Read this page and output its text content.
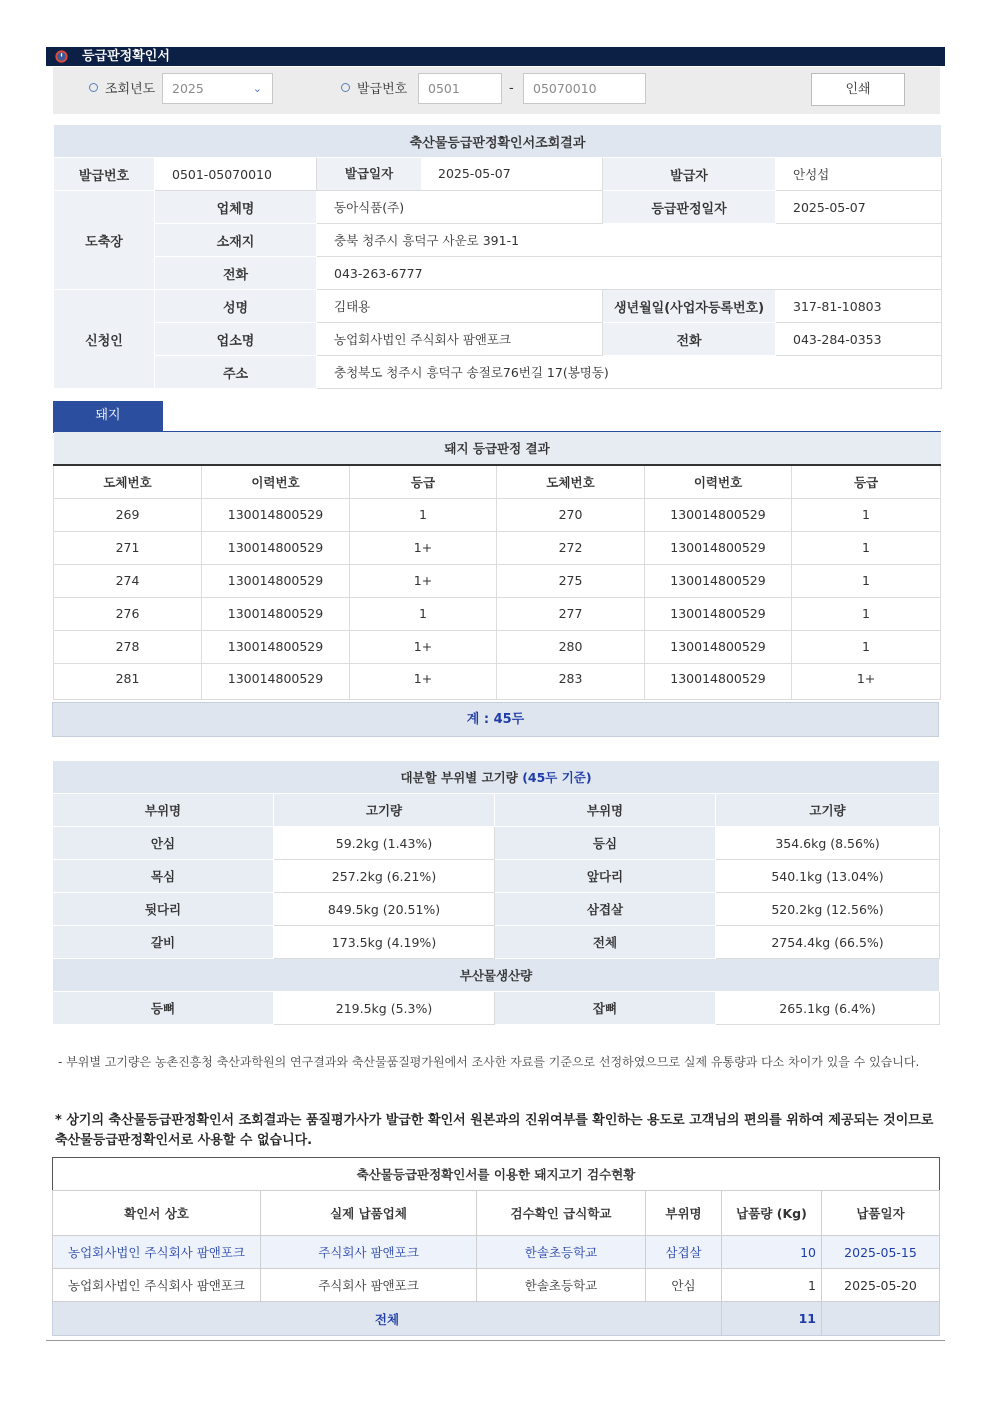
등급판정확인서
조회년도	2025	⌄	발급번호	0501	-	05070010	인쇄
축산물등급판정확인서조회결과				
발급번호	0501-05070010	발급일자 2025-05-07	발급자	안성섭
도축장	업체명	동아식품(주)	등급판정일자	2025-05-07
	소재지	충북 청주시 흥덕구 사운로 391-1		
	전화	043-263-6777		
신청인	성명	김태용	생년월일(사업자등록번호)	317-81-10803
	업소명	농업회사법인 주식회사 팜앤포크	전화	043-284-0353
	주소	충청북도 청주시 흥덕구 송절로76번길 17(봉명동)		
돼지
돼지 등급판정 결과					
도체번호	이력번호	등급	도체번호	이력번호	등급
269	130014800529	1	270	130014800529	1
271	130014800529	1+	272	130014800529	1
274	130014800529	1+	275	130014800529	1
276	130014800529	1	277	130014800529	1
278	130014800529	1+	280	130014800529	1
281	130014800529	1+	283	130014800529	1+
계 : 45두
대분할 부위별 고기량 (45두 기준)			
부위명	고기량	부위명	고기량
안심	59.2kg (1.43%)	등심	354.6kg (8.56%)
목심	257.2kg (6.21%)	앞다리	540.1kg (13.04%)
뒷다리	849.5kg (20.51%)	삼겹살	520.2kg (12.56%)
갈비	173.5kg (4.19%)	전체	2754.4kg (66.5%)
부산물생산량			
등뼈	219.5kg (5.3%)	잡뼈	265.1kg (6.4%)
- 부위별 고기량은 농촌진흥청 축산과학원의 연구결과와 축산물품질평가원에서 조사한 자료를 기준으로 선정하였으므로 실제 유통량과 다소 차이가 있을 수 있습니다.
* 상기의 축산물등급판정확인서 조회결과는 품질평가사가 발급한 확인서 원본과의 진위여부를 확인하는 용도로 고객님의 편의를 위하여 제공되는 것이므로 축산물등급판정확인서로 사용할 수 없습니다.
축산물등급판정확인서를 이용한 돼지고기 검수현황					
확인서 상호	실제 납품업체	검수확인 급식학교	부위명	납품량 (Kg)	납품일자
농업회사법인 주식회사 팜앤포크	주식회사 팜앤포크	한솔초등학교	삼겹살	10	2025-05-15
농업회사법인 주식회사 팜앤포크	주식회사 팜앤포크	한솔초등학교	안심	1	2025-05-20
전체				11	
